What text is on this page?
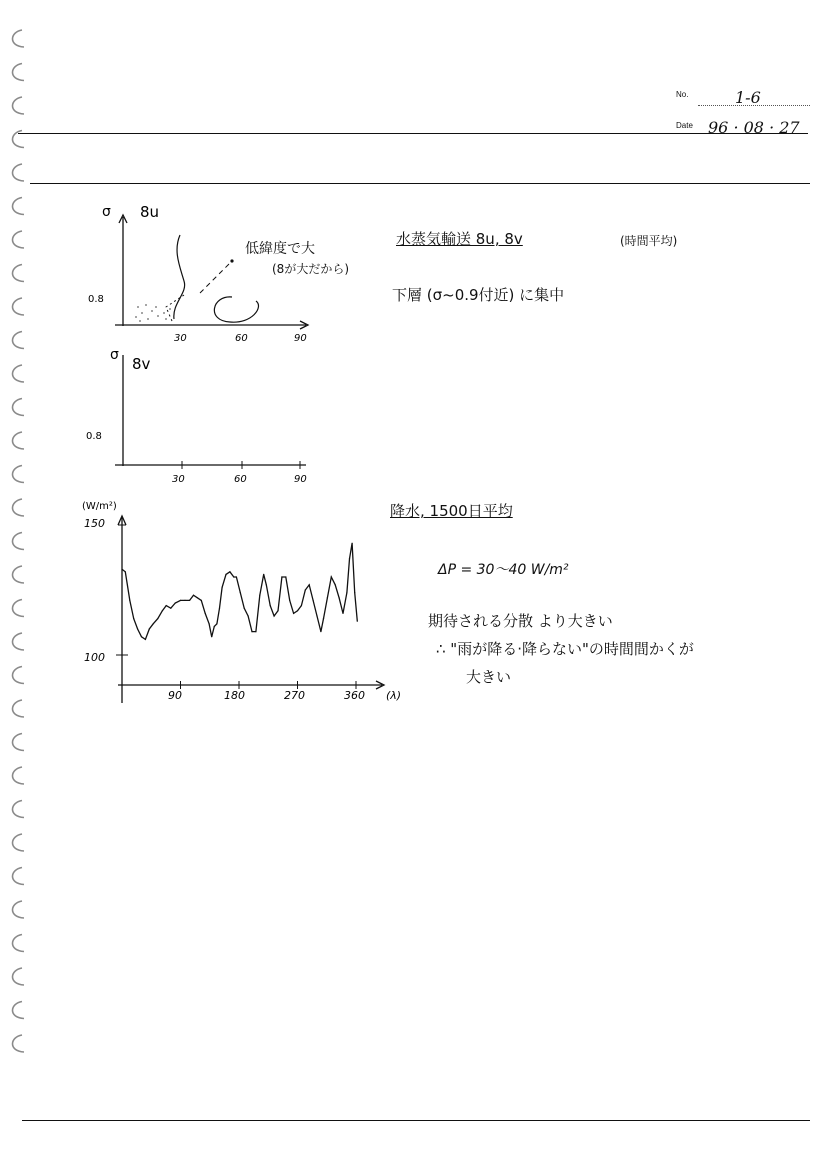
No.	1-6
Date 96 · 08 · 27
σ 8u
0.8
30	60	90
低緯度で大
(8が大だから)
σ 8v
0.8
30	60	90
(W/m²)
150
100
90	180	270	360 (λ)
水蒸気輸送 8u, 8v	(時間平均)
下層 (σ~0.9付近) に集中
降水, 1500日平均
ΔP = 30〜40 W/m²
期待される分散 より大きい
∴ "雨が降る·降らない"の時間間かくが
大きい
